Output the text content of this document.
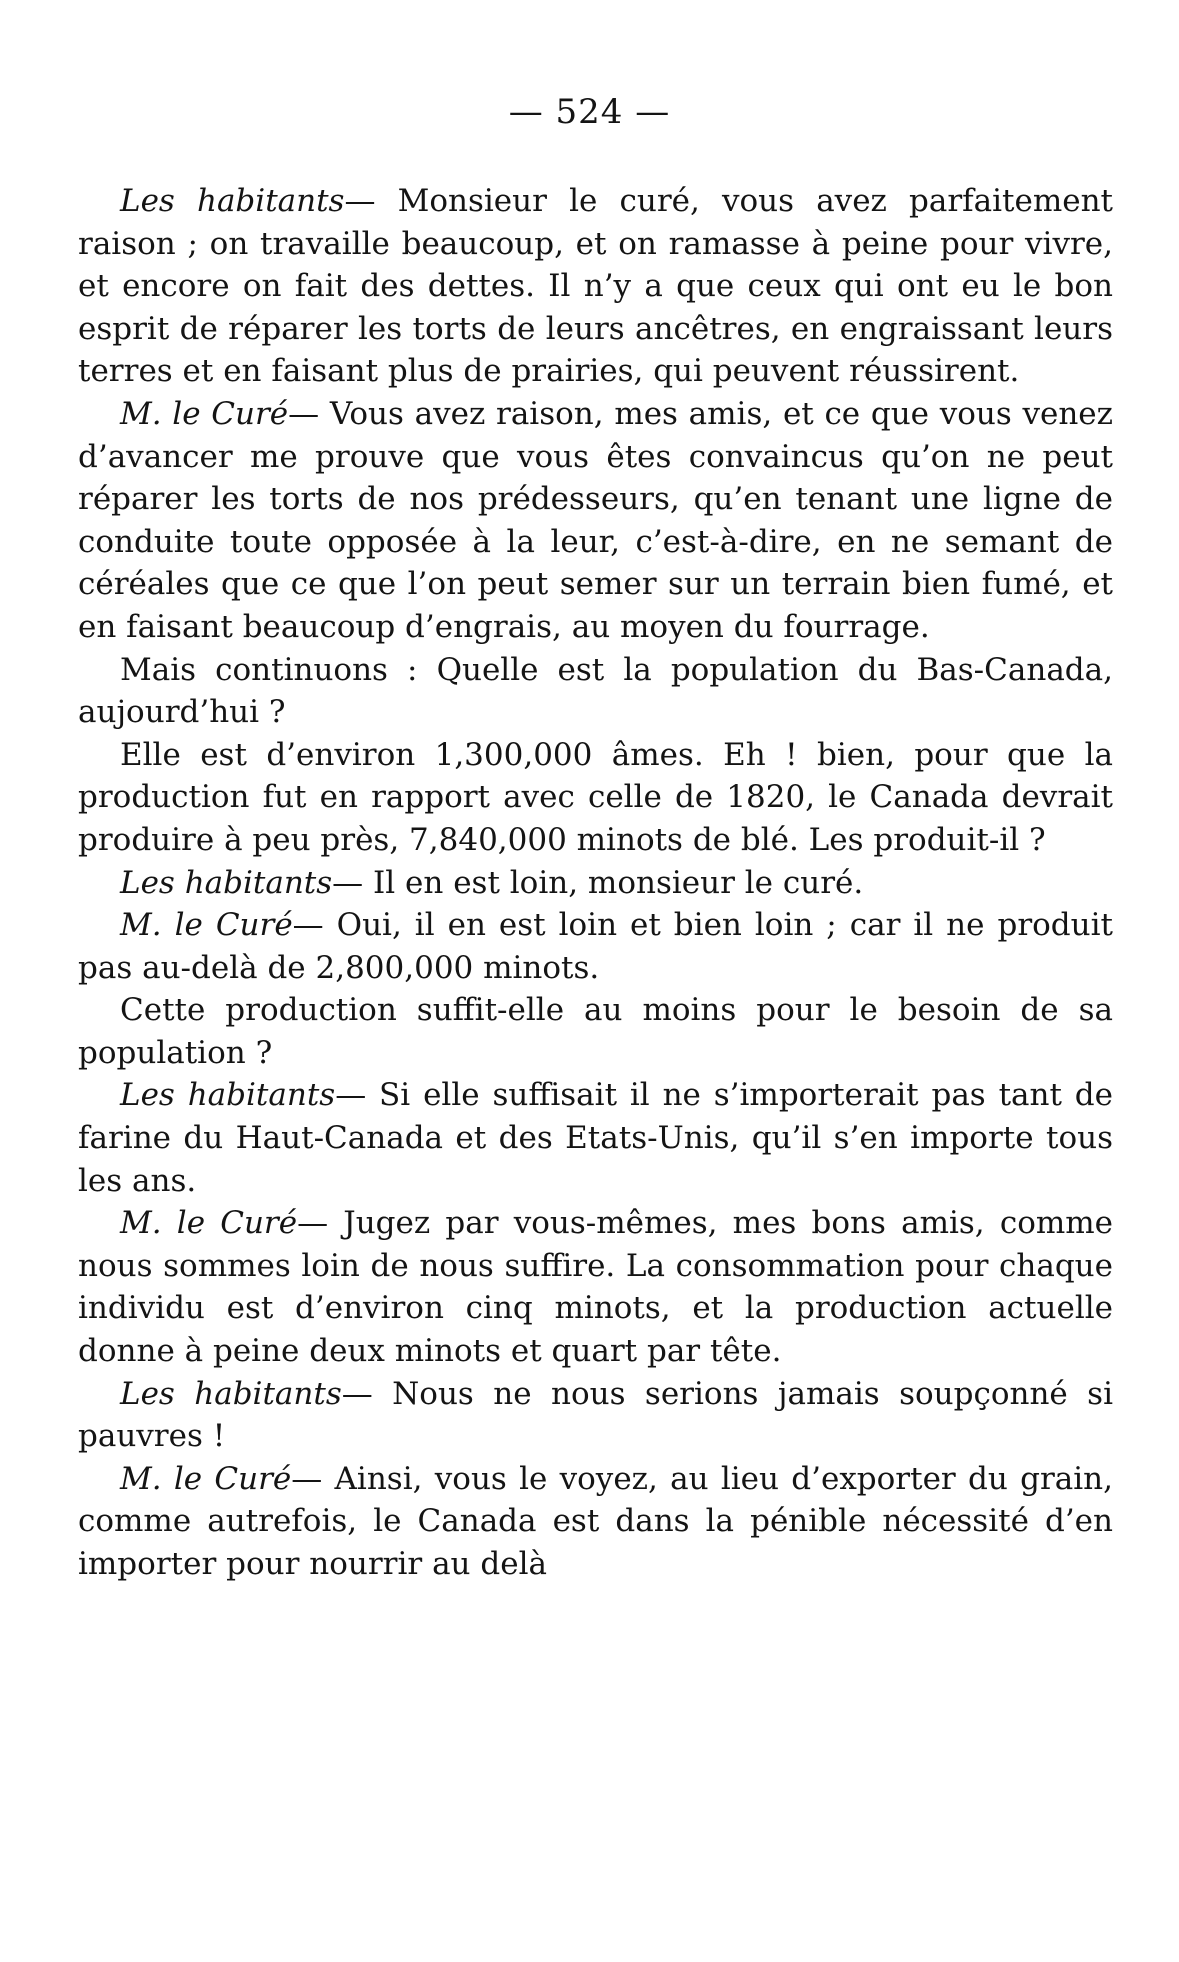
— 524 —

Les habitants— Monsieur le curé, vous avez parfaitement raison ; on travaille beaucoup, et on ramasse à peine pour vivre, et encore on fait des dettes. Il n’y a que ceux qui ont eu le bon esprit de réparer les torts de leurs ancêtres, en engraissant leurs terres et en faisant plus de prairies, qui peuvent réussirent.

M. le Curé— Vous avez raison, mes amis, et ce que vous venez d’avancer me prouve que vous êtes convaincus qu’on ne peut réparer les torts de nos prédesseurs, qu’en tenant une ligne de conduite toute opposée à la leur, c’est-à-dire, en ne semant de céréales que ce que l’on peut semer sur un terrain bien fumé, et en faisant beaucoup d’engrais, au moyen du fourrage.

Mais continuons : Quelle est la population du Bas-Canada, aujourd’hui ?

Elle est d’environ 1,300,000 âmes. Eh ! bien, pour que la production fut en rapport avec celle de 1820, le Canada devrait produire à peu près, 7,840,000 minots de blé. Les produit-il ?

Les habitants— Il en est loin, monsieur le curé.

M. le Curé— Oui, il en est loin et bien loin ; car il ne produit pas au-delà de 2,800,000 minots.

Cette production suffit-elle au moins pour le besoin de sa population ?

Les habitants— Si elle suffisait il ne s’importerait pas tant de farine du Haut-Canada et des Etats-Unis, qu’il s’en importe tous les ans.

M. le Curé— Jugez par vous-mêmes, mes bons amis, comme nous sommes loin de nous suffire. La consommation pour chaque individu est d’environ cinq minots, et la production actuelle donne à peine deux minots et quart par tête.

Les habitants— Nous ne nous serions jamais soupçonné si pauvres !

M. le Curé— Ainsi, vous le voyez, au lieu d’exporter du grain, comme autrefois, le Canada est dans la pénible nécessité d’en importer pour nourrir au delà
